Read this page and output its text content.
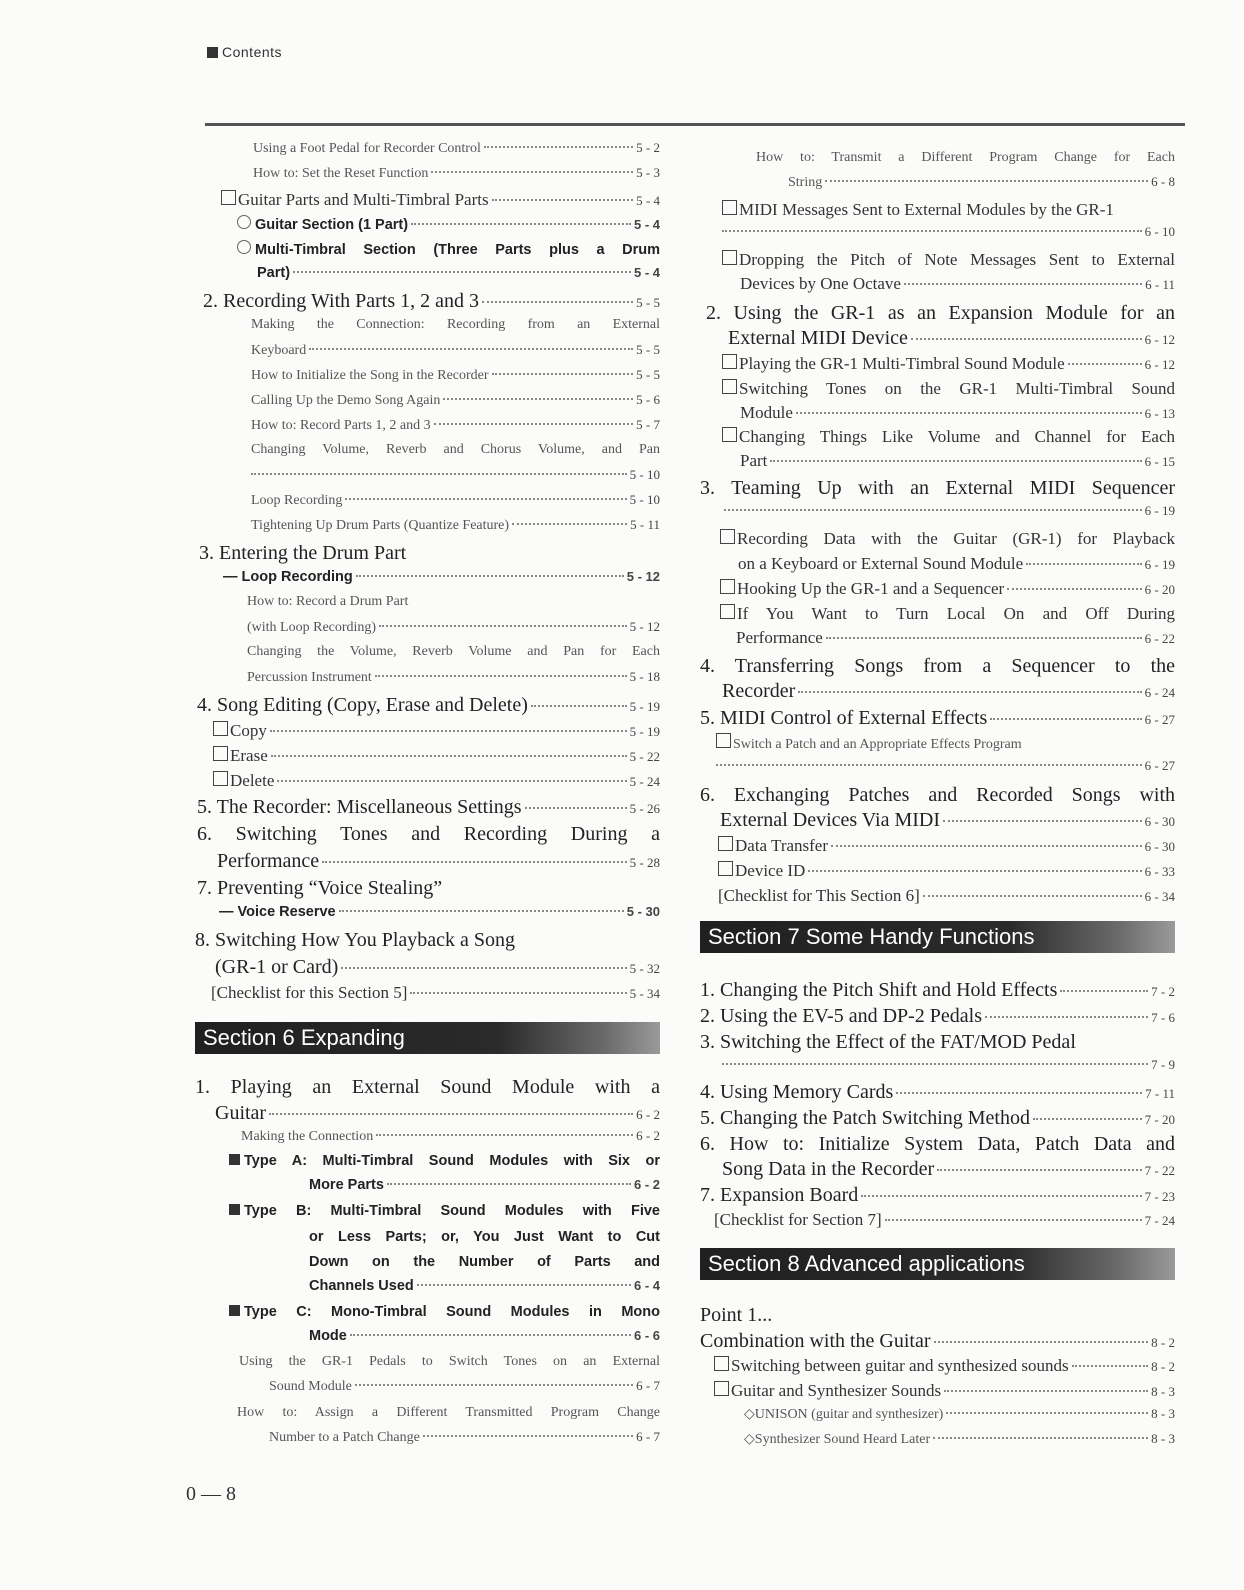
Contents
Using a Foot Pedal for Recorder Control	5 - 2
How to: Set the Reset Function	5 - 3
Guitar Parts and Multi-Timbral Parts	5 - 4
Guitar Section (1 Part)	5 - 4
Multi-Timbral Section (Three Parts plus a Drum
Part)	5 - 4
2. Recording With Parts 1, 2 and 3	5 - 5
Making the Connection: Recording from an External
Keyboard	5 - 5
How to Initialize the Song in the Recorder	5 - 5
Calling Up the Demo Song Again	5 - 6
How to: Record Parts 1, 2 and 3	5 - 7
Changing Volume, Reverb and Chorus Volume, and Pan
5 - 10
Loop Recording	5 - 10
Tightening Up Drum Parts (Quantize Feature)	5 - 11
3. Entering the Drum Part
— Loop Recording	5 - 12
How to: Record a Drum Part
(with Loop Recording)	5 - 12
Changing the Volume, Reverb Volume and Pan for Each
Percussion Instrument	5 - 18
4. Song Editing (Copy, Erase and Delete)	5 - 19
Copy	5 - 19
Erase	5 - 22
Delete	5 - 24
5. The Recorder: Miscellaneous Settings	5 - 26
6. Switching Tones and Recording During a
Performance	5 - 28
7. Preventing “Voice Stealing”
— Voice Reserve	5 - 30
8. Switching How You Playback a Song
(GR-1 or Card)	5 - 32
[Checklist for this Section 5]	5 - 34
Section 6 Expanding
1. Playing an External Sound Module with a
Guitar	6 - 2
Making the Connection	6 - 2
Type A: Multi-Timbral Sound Modules with Six or
More Parts	6 - 2
Type B: Multi-Timbral Sound Modules with Five
or Less Parts; or, You Just Want to Cut
Down on the Number of Parts and
Channels Used	6 - 4
Type C: Mono-Timbral Sound Modules in Mono
Mode	6 - 6
Using the GR-1 Pedals to Switch Tones on an External
Sound Module	6 - 7
How to: Assign a Different Transmitted Program Change
Number to a Patch Change	6 - 7
How to: Transmit a Different Program Change for Each
String	6 - 8
MIDI Messages Sent to External Modules by the GR-1
6 - 10
Dropping the Pitch of Note Messages Sent to External
Devices by One Octave	6 - 11
2. Using the GR-1 as an Expansion Module for an
External MIDI Device	6 - 12
Playing the GR-1 Multi-Timbral Sound Module	6 - 12
Switching Tones on the GR-1 Multi-Timbral Sound
Module	6 - 13
Changing Things Like Volume and Channel for Each
Part	6 - 15
3. Teaming Up with an External MIDI Sequencer
6 - 19
Recording Data with the Guitar (GR-1) for Playback
on a Keyboard or External Sound Module	6 - 19
Hooking Up the GR-1 and a Sequencer	6 - 20
If You Want to Turn Local On and Off During
Performance	6 - 22
4. Transferring Songs from a Sequencer to the
Recorder	6 - 24
5. MIDI Control of External Effects	6 - 27
Switch a Patch and an Appropriate Effects Program
6 - 27
6. Exchanging Patches and Recorded Songs with
External Devices Via MIDI	6 - 30
Data Transfer	6 - 30
Device ID	6 - 33
[Checklist for This Section 6]	6 - 34
Section 7 Some Handy Functions
1. Changing the Pitch Shift and Hold Effects	7 - 2
2. Using the EV-5 and DP-2 Pedals	7 - 6
3. Switching the Effect of the FAT/MOD Pedal
7 - 9
4. Using Memory Cards	7 - 11
5. Changing the Patch Switching Method	7 - 20
6. How to: Initialize System Data, Patch Data and
Song Data in the Recorder	7 - 22
7. Expansion Board	7 - 23
[Checklist for Section 7]	7 - 24
Section 8 Advanced applications
Point 1...
Combination with the Guitar	8 - 2
Switching between guitar and synthesized sounds	8 - 2
Guitar and Synthesizer Sounds	8 - 3
◇ UNISON (guitar and synthesizer)	8 - 3
◇ Synthesizer Sound Heard Later	8 - 3
0 — 8
